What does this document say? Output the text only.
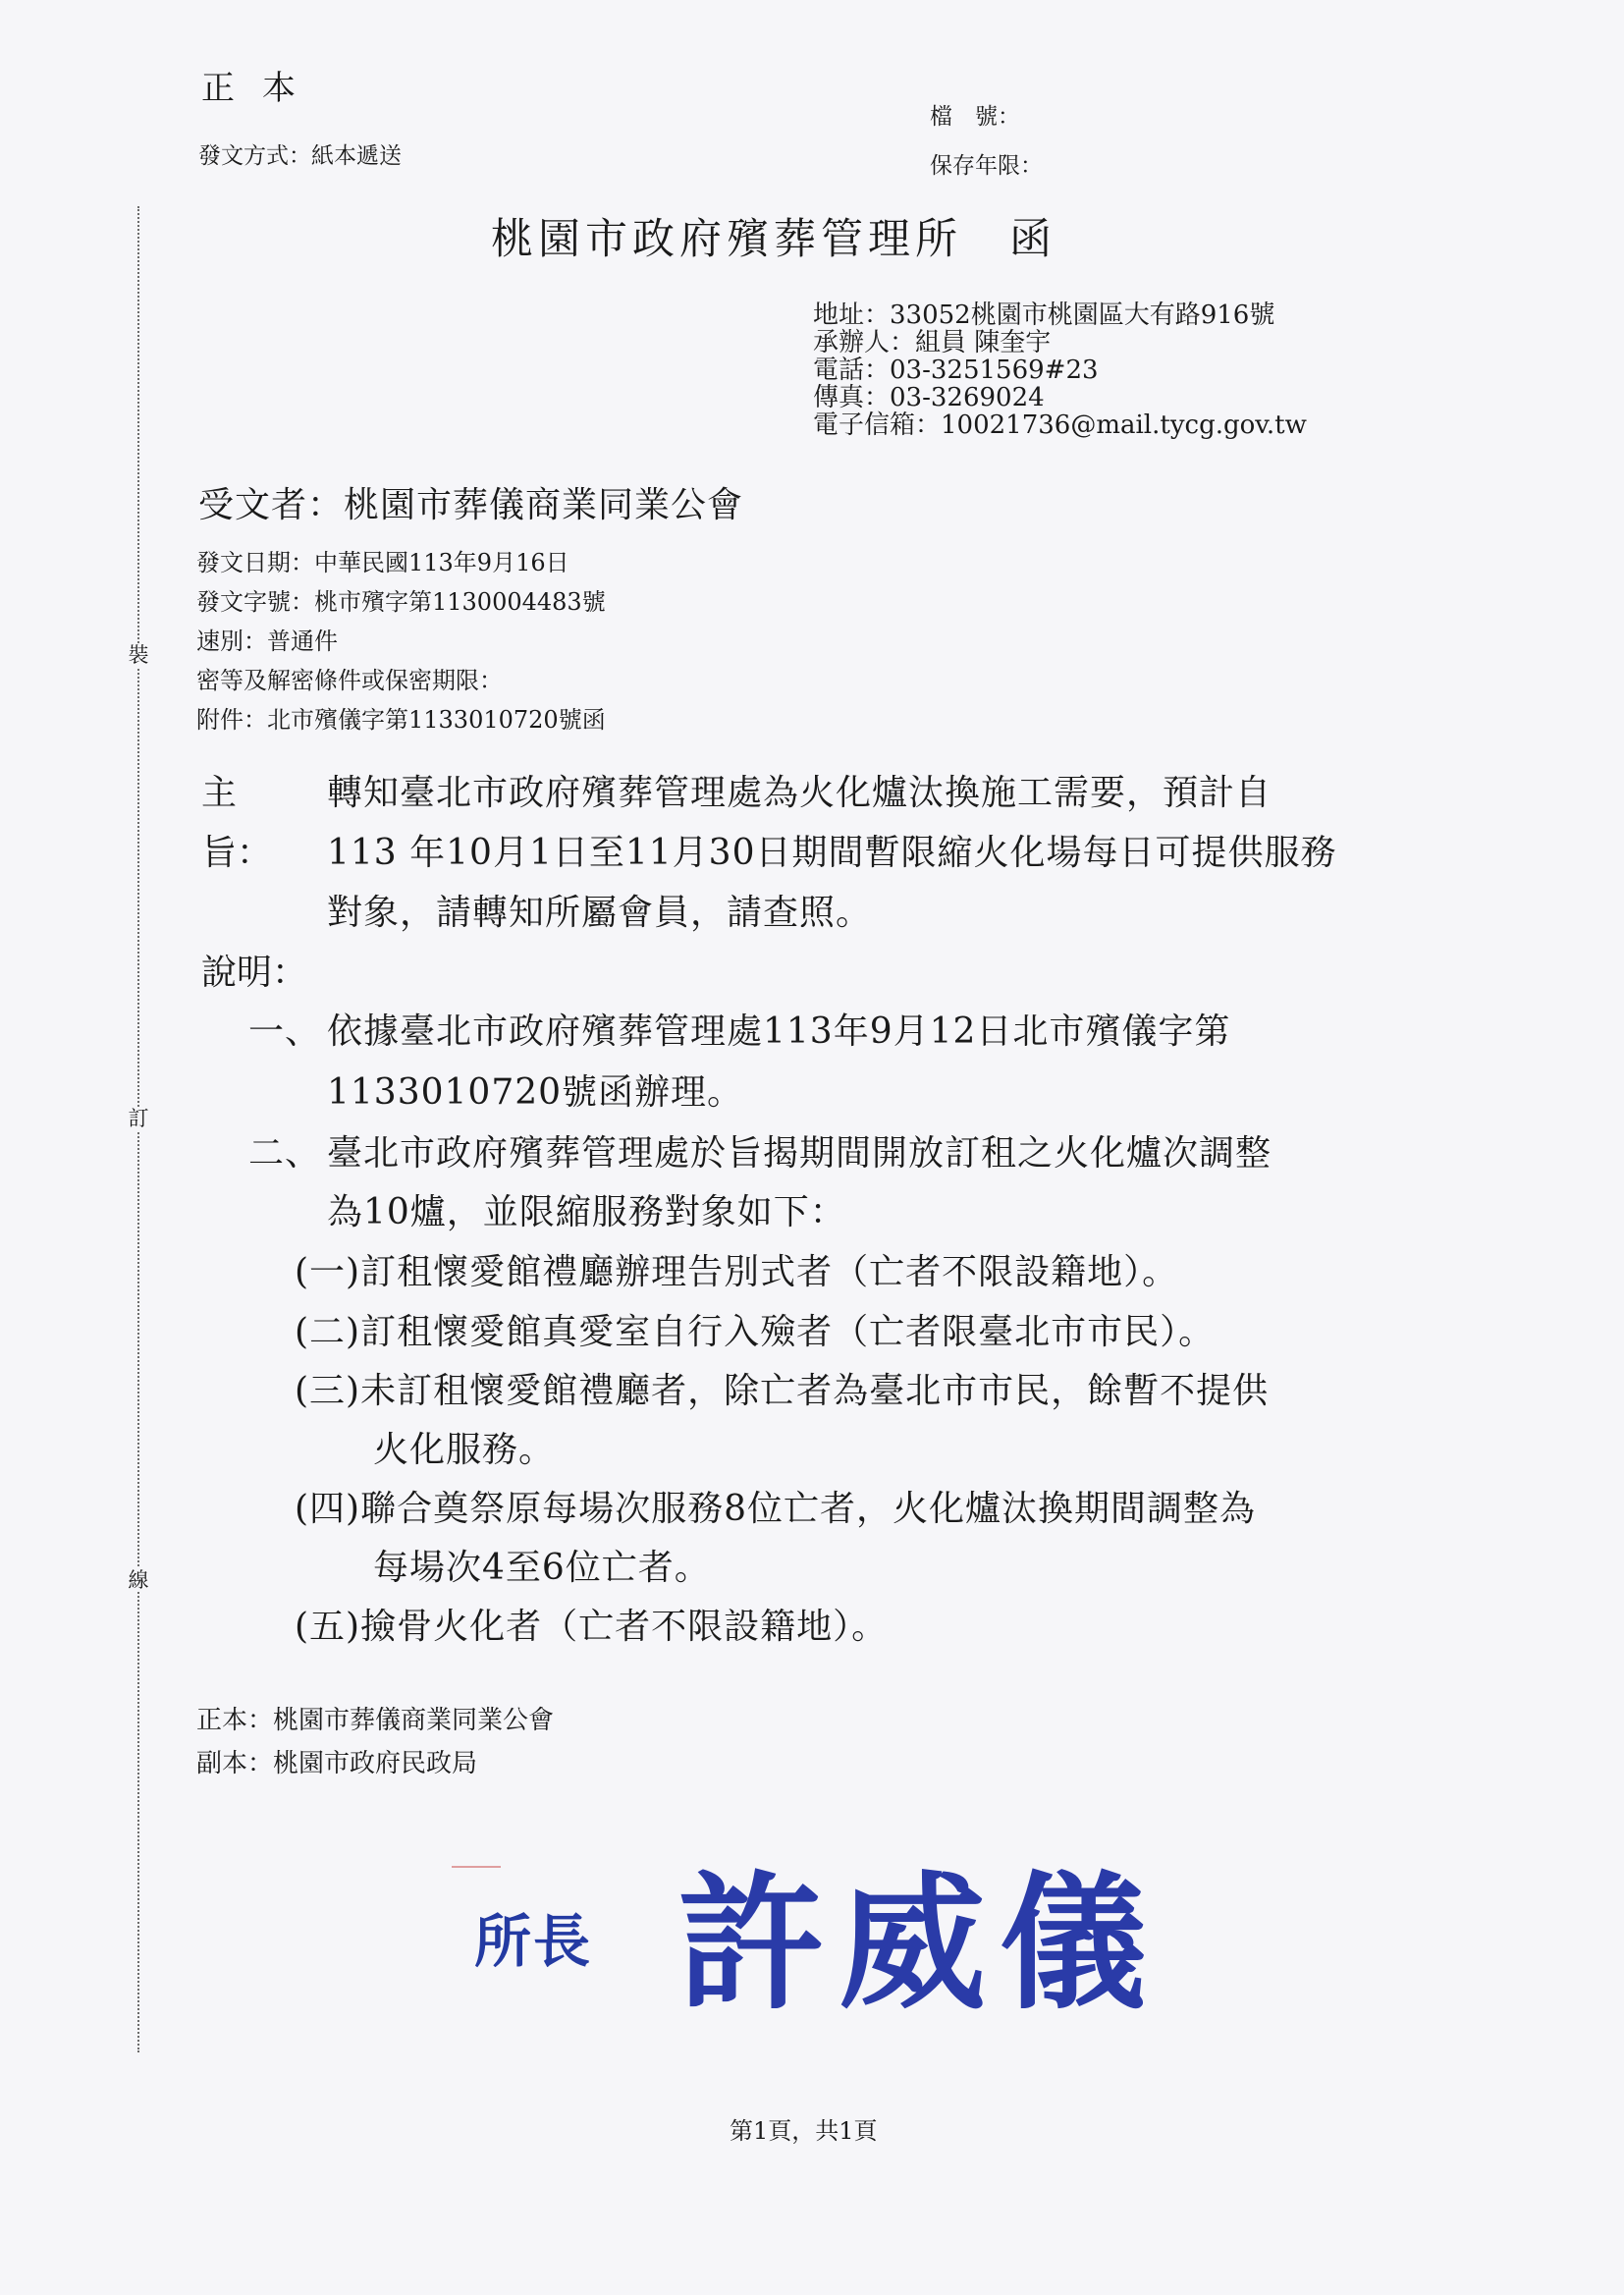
正本
發文方式：紙本遞送
檔　號：
保存年限：
裝
訂
線
桃園市政府殯葬管理所　函
地址：33052桃園市桃園區大有路916號
承辦人：組員 陳奎宇
電話：03-3251569#23
傳真：03-3269024
電子信箱：10021736@mail.tycg.gov.tw
受文者：桃園市葬儀商業同業公會
發文日期：中華民國113年9月16日
發文字號：桃市殯字第1130004483號
速別：普通件
密等及解密條件或保密期限：
附件：北市殯儀字第1133010720號函
主旨：
轉知臺北市政府殯葬管理處為火化爐汰換施工需要，預計自
113 年10月1日至11月30日期間暫限縮火化場每日可提供服務
對象，請轉知所屬會員，請查照。
說明：
一、 依據臺北市政府殯葬管理處113年9月12日北市殯儀字第
1133010720號函辦理。
二、 臺北市政府殯葬管理處於旨揭期間開放訂租之火化爐次調整
為10爐，並限縮服務對象如下：
(一)訂租懷愛館禮廳辦理告別式者（亡者不限設籍地）。
(二)訂租懷愛館真愛室自行入殮者（亡者限臺北市市民）。
(三)未訂租懷愛館禮廳者，除亡者為臺北市市民，餘暫不提供
火化服務。
(四)聯合奠祭原每場次服務8位亡者，火化爐汰換期間調整為
每場次4至6位亡者。
(五)撿骨火化者（亡者不限設籍地）。
正本：桃園市葬儀商業同業公會
副本：桃園市政府民政局
所長 許威儀
第1頁，共1頁
